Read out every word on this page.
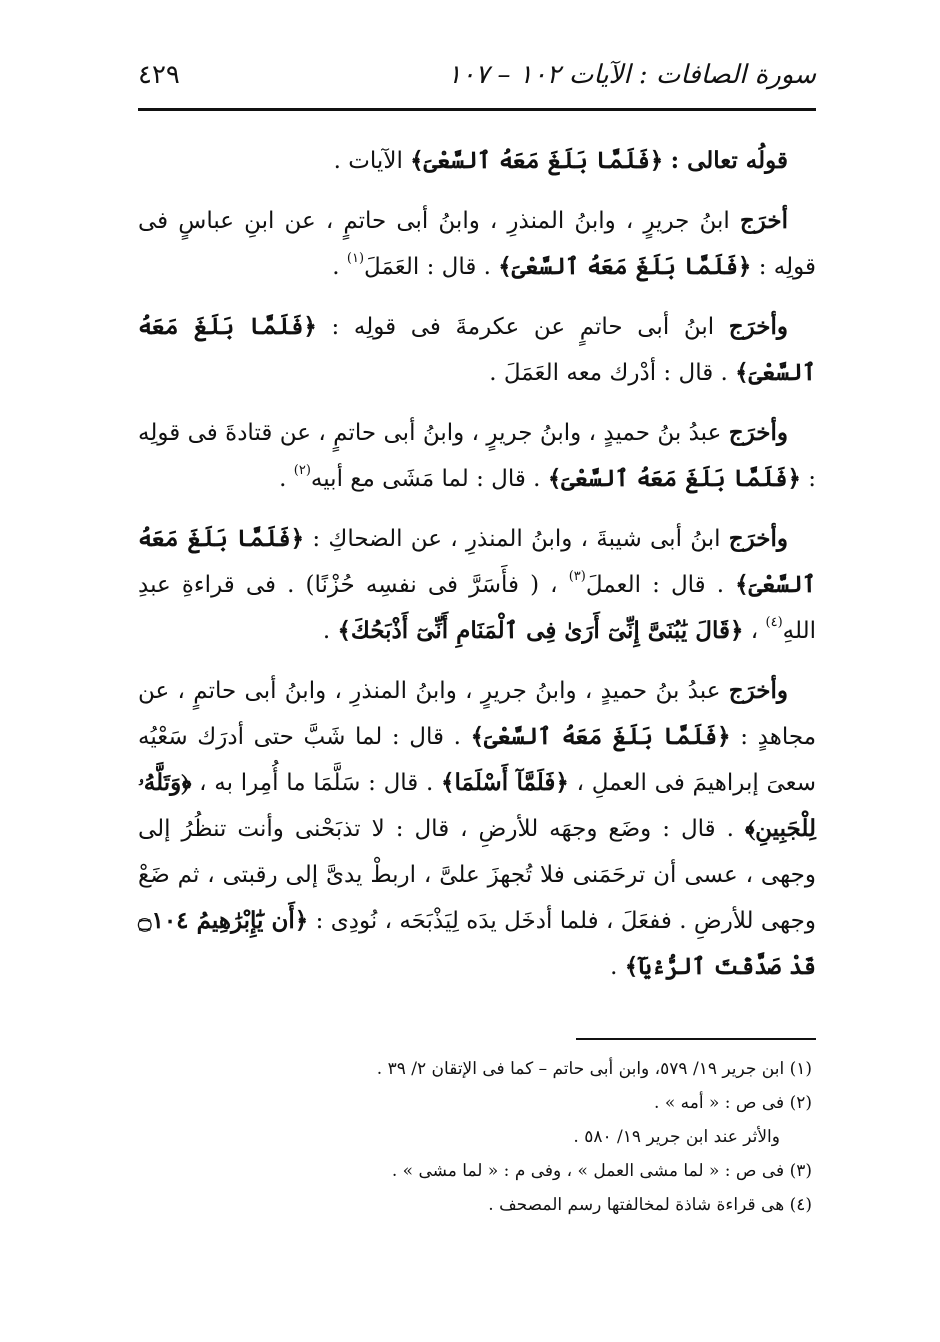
سورة الصافات : الآيات ١٠٢ – ١٠٧
٤٢٩

قولُه تعالى : ﴿فَلَمَّا بَلَغَ مَعَهُ ٱلسَّعْىَ﴾ الآيات .

أخرَج ابنُ جريرٍ ، وابنُ المنذرِ ، وابنُ أبى حاتمٍ ، عن ابنِ عباسٍ فى قولِه : ﴿فَلَمَّا بَلَغَ مَعَهُ ٱلسَّعْىَ﴾ . قال : العَمَلَ$^{(١)}$ .

وأخرَج ابنُ أبى حاتمٍ عن عكرمةَ فى قولِه : ﴿فَلَمَّا بَلَغَ مَعَهُ ٱلسَّعْىَ﴾ . قال : أدْرك معه العَمَلَ .

وأخرَج عبدُ بنُ حميدٍ ، وابنُ جريرٍ ، وابنُ أبى حاتمٍ ، عن قتادةَ فى قولِه : ﴿فَلَمَّا بَلَغَ مَعَهُ ٱلسَّعْىَ﴾ . قال : لما مَشَى مع أبيه$^{(٢)}$ .

وأخرَج ابنُ أبى شيبةَ ، وابنُ المنذرِ ، عن الضحاكِ : ﴿فَلَمَّا بَلَغَ مَعَهُ ٱلسَّعْىَ﴾ . قال : العملَ$^{(٣)}$ ، ( فأَسَرَّ فى نفسِه حُزْنًا) . فى قراءةِ عبدِ اللهِ$^{(٤)}$ ، ﴿قَالَ يَٰبُنَىَّ إِنِّىٓ أَرَىٰ فِى ٱلْمَنَامِ أَنِّىٓ أَذْبَحُكَ﴾ .

وأخرَج عبدُ بنُ حميدٍ ، وابنُ جريرٍ ، وابنُ المنذرِ ، وابنُ أبى حاتمٍ ، عن مجاهدٍ : ﴿فَلَمَّا بَلَغَ مَعَهُ ٱلسَّعْىَ﴾ . قال : لما شَبَّ حتى أدرَك سَعْيُه سعىَ إبراهيمَ فى العملِ ، ﴿فَلَمَّآ أَسْلَمَا﴾ . قال : سَلَّمَا ما أُمِرا به ، ﴿وَتَلَّهُۥ لِلْجَبِينِ﴾ . قال : وضَع وجهَه للأرضِ ، قال : لا تذبَحْنى وأنت تنظُرُ إلى وجهى ، عسى أن ترحَمَنى فلا تُجهزَ علىَّ ، اربطْ يدىَّ إلى رقبتى ، ثم ضَعْ وجهى للأرضِ . ففعَلَ ، فلما أدخَل يدَه لِيَذْبَحَه ، نُودِى : ﴿أَن يَٰٓإِبْرَٰهِيمُ ۝١٠٤ قَدْ صَدَّقْتَ ٱلرُّءْيَآ﴾ .

(١) ابن جرير ١٩/ ٥٧٩، وابن أبى حاتم – كما فى الإتقان ٢/ ٣٩ .

(٢) فى ص : « أمه » .

والأثر عند ابن جرير ١٩/ ٥٨٠ .

(٣) فى ص : « لما مشى العمل » ، وفى م : « لما مشى » .

(٤) هى قراءة شاذة لمخالفتها رسم المصحف .
